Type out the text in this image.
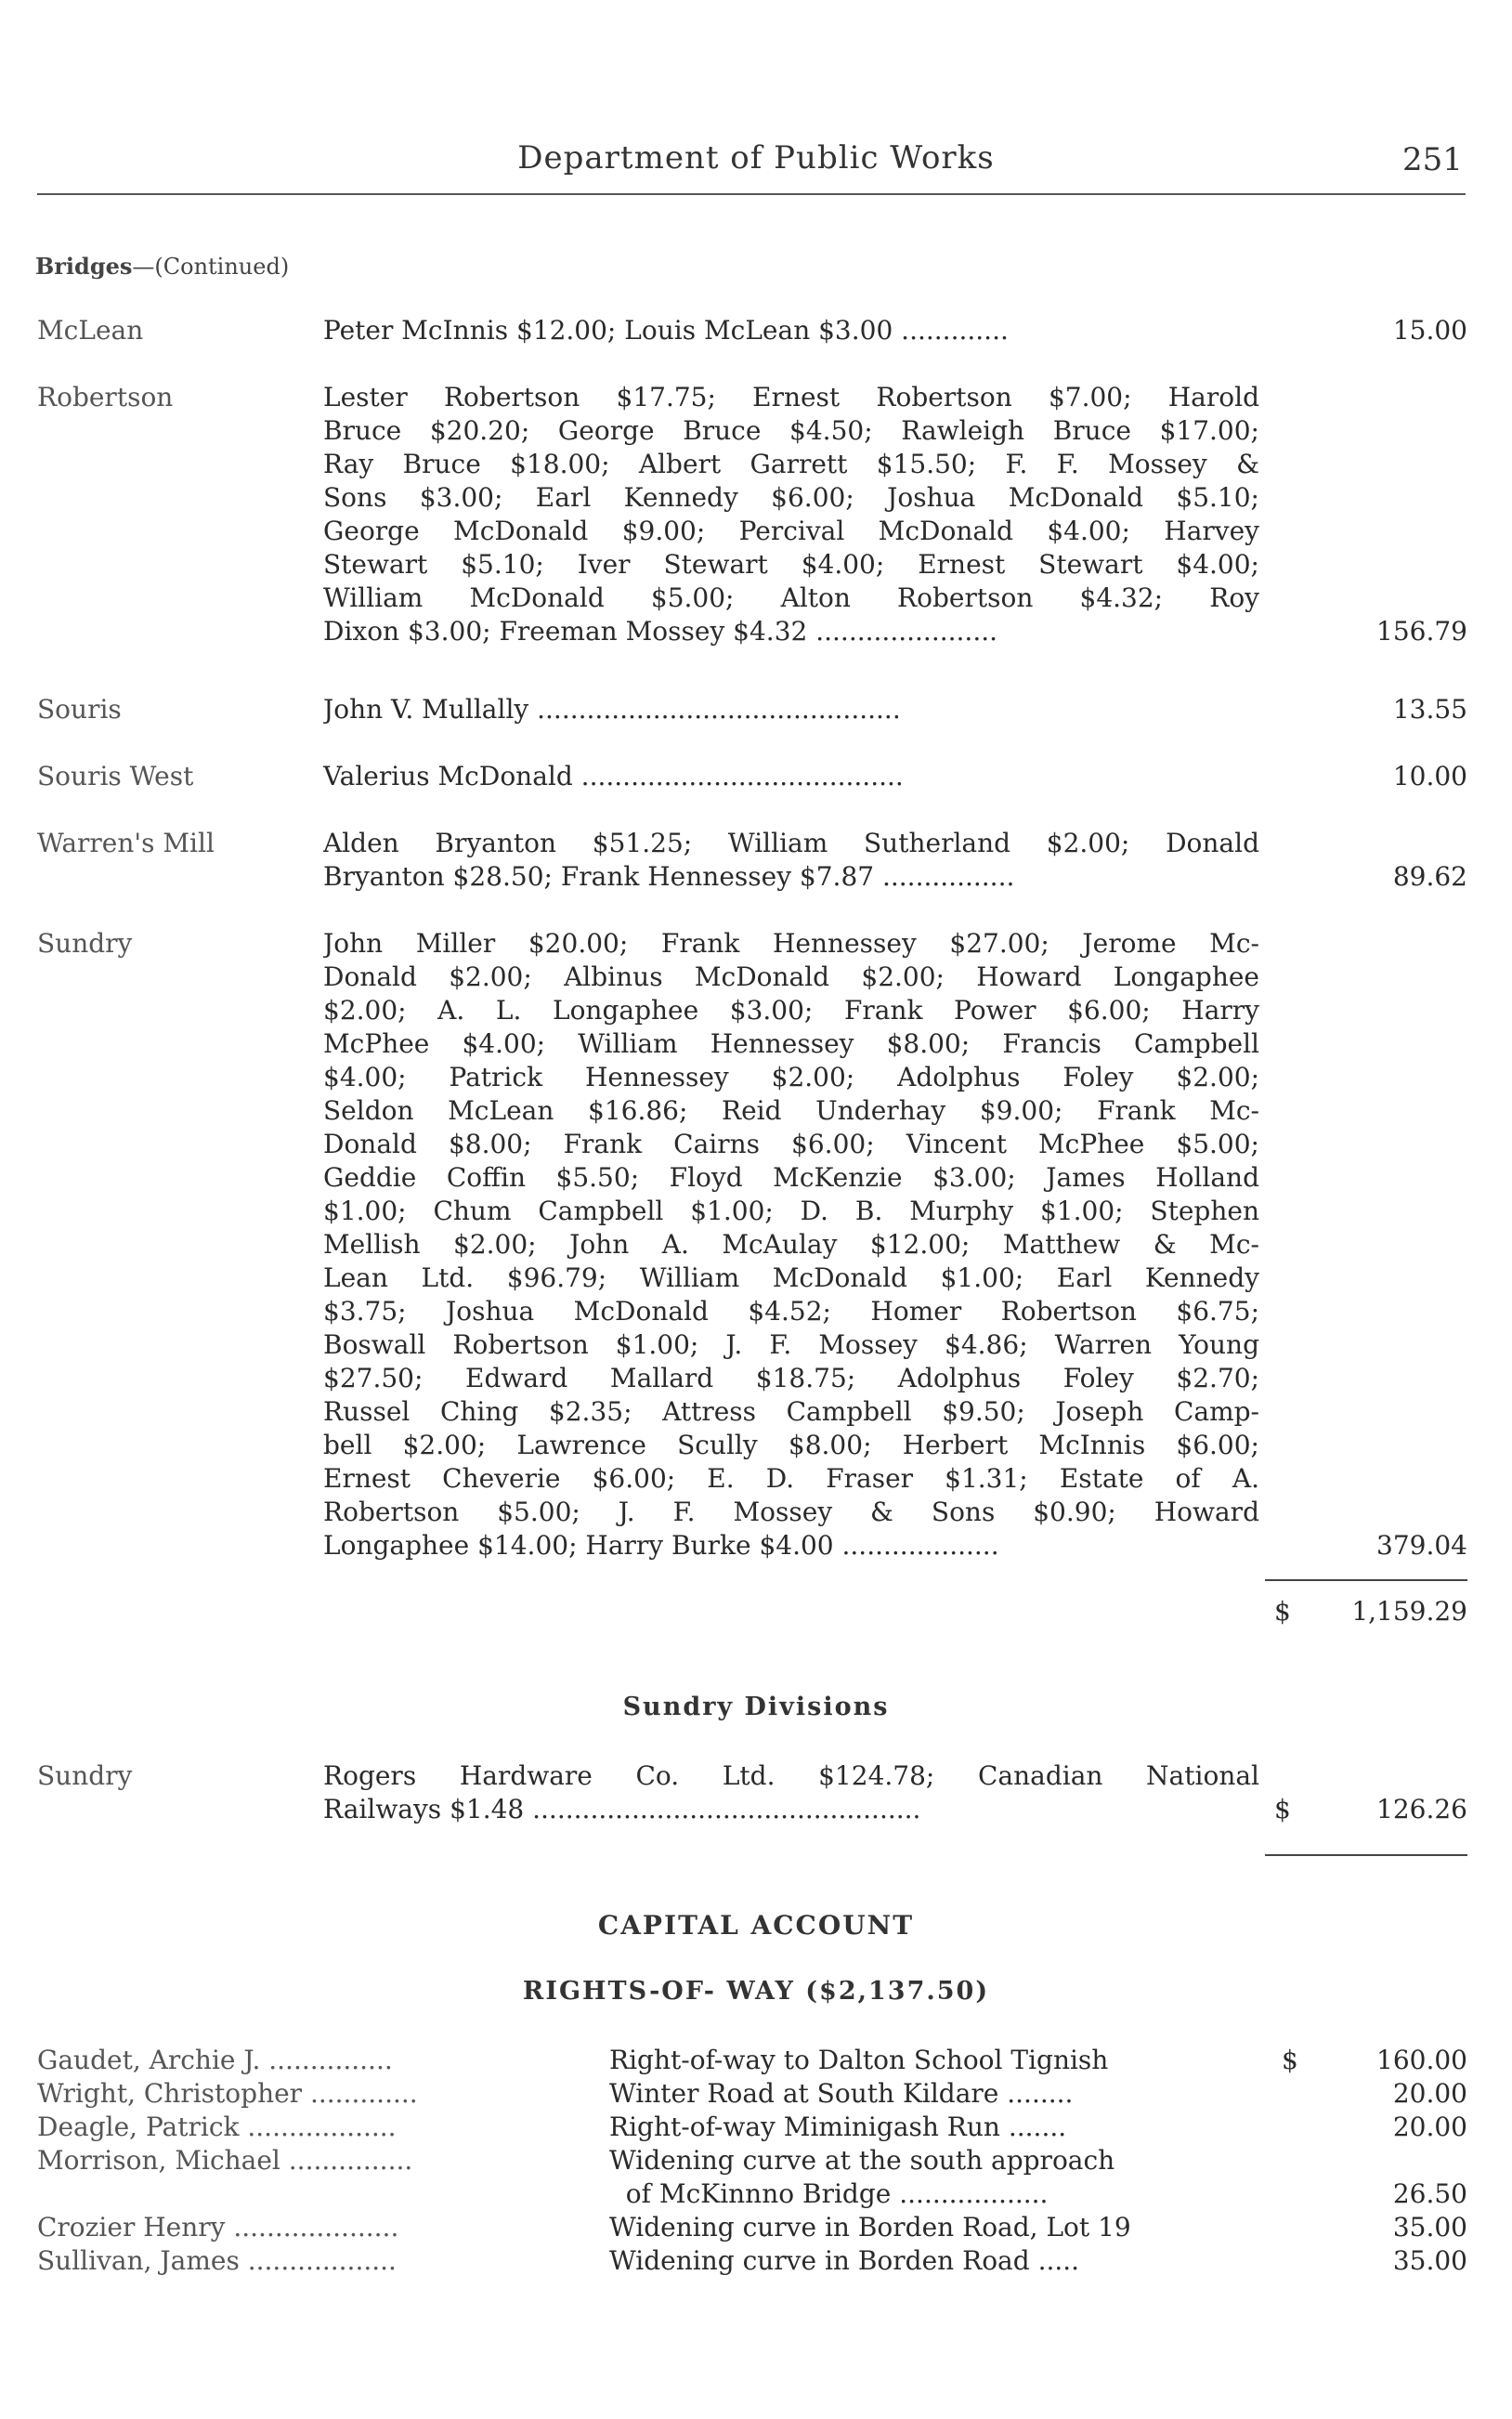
Department of Public Works	251
Bridges—(Continued)
McLean	Peter McInnis $12.00; Louis McLean $3.00 .............	15.00
Robertson	Lester Robertson $17.75; Ernest Robertson $7.00; Harold
Bruce $20.20; George Bruce $4.50; Rawleigh Bruce $17.00;
Ray Bruce $18.00; Albert Garrett $15.50; F. F. Mossey &
Sons $3.00; Earl Kennedy $6.00; Joshua McDonald $5.10;
George McDonald $9.00; Percival McDonald $4.00; Harvey
Stewart $5.10; Iver Stewart $4.00; Ernest Stewart $4.00;
William McDonald $5.00; Alton Robertson $4.32; Roy
Dixon $3.00; Freeman Mossey $4.32 ......................	156.79
Souris	John V. Mullally ............................................	13.55
Souris West	Valerius McDonald .......................................	10.00
Warren's Mill	Alden Bryanton $51.25; William Sutherland $2.00; Donald
Bryanton $28.50; Frank Hennessey $7.87 ................	89.62
Sundry	John Miller $20.00; Frank Hennessey $27.00; Jerome Mc-
Donald $2.00; Albinus McDonald $2.00; Howard Longaphee
$2.00; A. L. Longaphee $3.00; Frank Power $6.00; Harry
McPhee $4.00; William Hennessey $8.00; Francis Campbell
$4.00; Patrick Hennessey $2.00; Adolphus Foley $2.00;
Seldon McLean $16.86; Reid Underhay $9.00; Frank Mc-
Donald $8.00; Frank Cairns $6.00; Vincent McPhee $5.00;
Geddie Coffin $5.50; Floyd McKenzie $3.00; James Holland
$1.00; Chum Campbell $1.00; D. B. Murphy $1.00; Stephen
Mellish $2.00; John A. McAulay $12.00; Matthew & Mc-
Lean Ltd. $96.79; William McDonald $1.00; Earl Kennedy
$3.75; Joshua McDonald $4.52; Homer Robertson $6.75;
Boswall Robertson $1.00; J. F. Mossey $4.86; Warren Young
$27.50; Edward Mallard $18.75; Adolphus Foley $2.70;
Russel Ching $2.35; Attress Campbell $9.50; Joseph Camp-
bell $2.00; Lawrence Scully $8.00; Herbert McInnis $6.00;
Ernest Cheverie $6.00; E. D. Fraser $1.31; Estate of A.
Robertson $5.00; J. F. Mossey & Sons $0.90; Howard
Longaphee $14.00; Harry Burke $4.00 ...................	379.04
$	1,159.29
Sundry Divisions
Sundry	Rogers Hardware Co. Ltd. $124.78; Canadian National
Railways $1.48 ...............................................	$	126.26
CAPITAL ACCOUNT
RIGHTS-OF- WAY ($2,137.50)
Gaudet, Archie J. ...............	Right-of-way to Dalton School Tignish	$	160.00
Wright, Christopher .............	Winter Road at South Kildare ........	20.00
Deagle, Patrick ..................	Right-of-way Miminigash Run .......	20.00
Morrison, Michael ...............	Widening curve at the south approach
of McKinnno Bridge ..................	26.50
Crozier Henry ....................	Widening curve in Borden Road, Lot 19	35.00
Sullivan, James ..................	Widening curve in Borden Road .....	35.00
